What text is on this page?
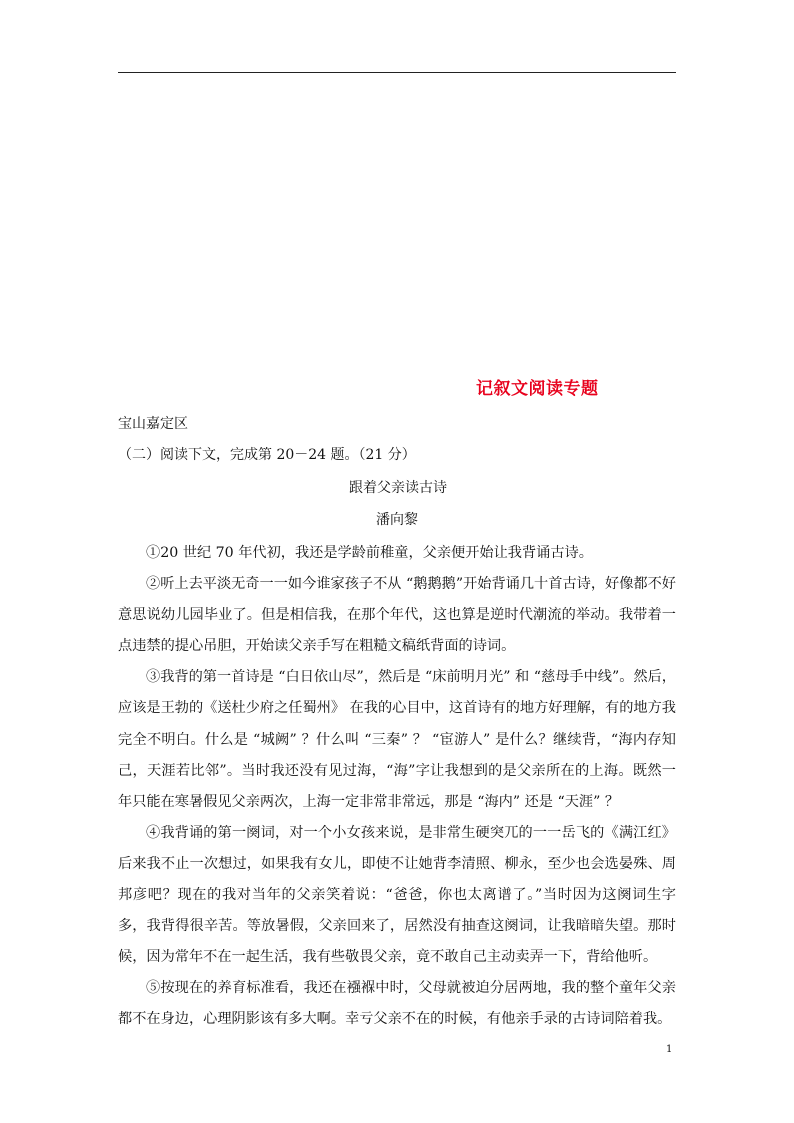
记叙文阅读专题
宝山嘉定区
（二）阅读下文，完成第 20－24 题。（21 分）
跟着父亲读古诗
潘向黎

①20 世纪 70 年代初，我还是学龄前稚童，父亲便开始让我背诵古诗。

②听上去平淡无奇一一如今谁家孩子不从 “鹅鹅鹅”开始背诵几十首古诗，好像都不好意思说幼儿园毕业了。但是相信我，在那个年代，这也算是逆时代潮流的举动。我带着一点违禁的提心吊胆，开始读父亲手写在粗糙文稿纸背面的诗词。

③我背的第一首诗是 “白日依山尽”，然后是 “床前明月光” 和 “慈母手中线”。然后，应该是王勃的《送杜少府之任蜀州》 在我的心目中，这首诗有的地方好理解，有的地方我完全不明白。什么是 “城阙” ？什么叫 “三秦” ？ “宦游人” 是什么？继续背，“海内存知己，天涯若比邻”。当时我还没有见过海，“海”字让我想到的是父亲所在的上海。既然一年只能在寒暑假见父亲两次，上海一定非常非常远，那是 “海内” 还是 “天涯” ？

④我背诵的第一阕词，对一个小女孩来说，是非常生硬突兀的一一岳飞的《满江红》后来我不止一次想过，如果我有女儿，即使不让她背李清照、柳永，至少也会选晏殊、周邦彦吧？现在的我对当年的父亲笑着说：“爸爸，你也太离谱了。”当时因为这阕词生字多，我背得很辛苦。等放暑假，父亲回来了，居然没有抽查这阕词，让我暗暗失望。那时候，因为常年不在一起生活，我有些敬畏父亲，竟不敢自己主动卖弄一下，背给他听。

⑤按现在的养育标准看，我还在襁褓中时，父母就被迫分居两地，我的整个童年父亲都不在身边，心理阴影该有多大啊。幸亏父亲不在的时候，有他亲手录的古诗词陪着我。

1
